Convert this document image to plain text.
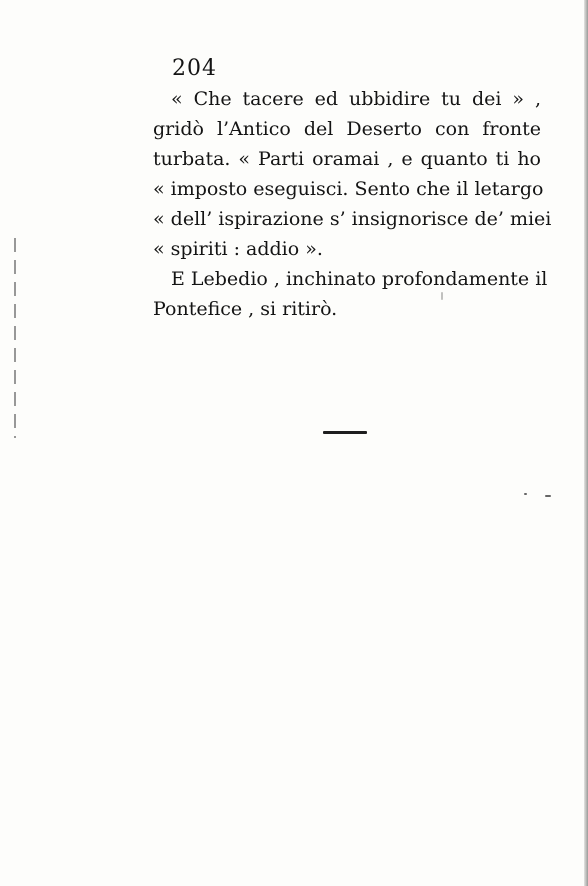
204
« Che tacere ed ubbidire tu dei » ,
gridò l’Antico del Deserto con fronte
turbata. « Parti oramai , e quanto ti ho
« imposto eseguisci. Sento che il letargo
« dell’ ispirazione s’ insignorisce de’ miei
« spiriti : addio ».
E Lebedio , inchinato profondamente il
Pontefice , si ritirò.
